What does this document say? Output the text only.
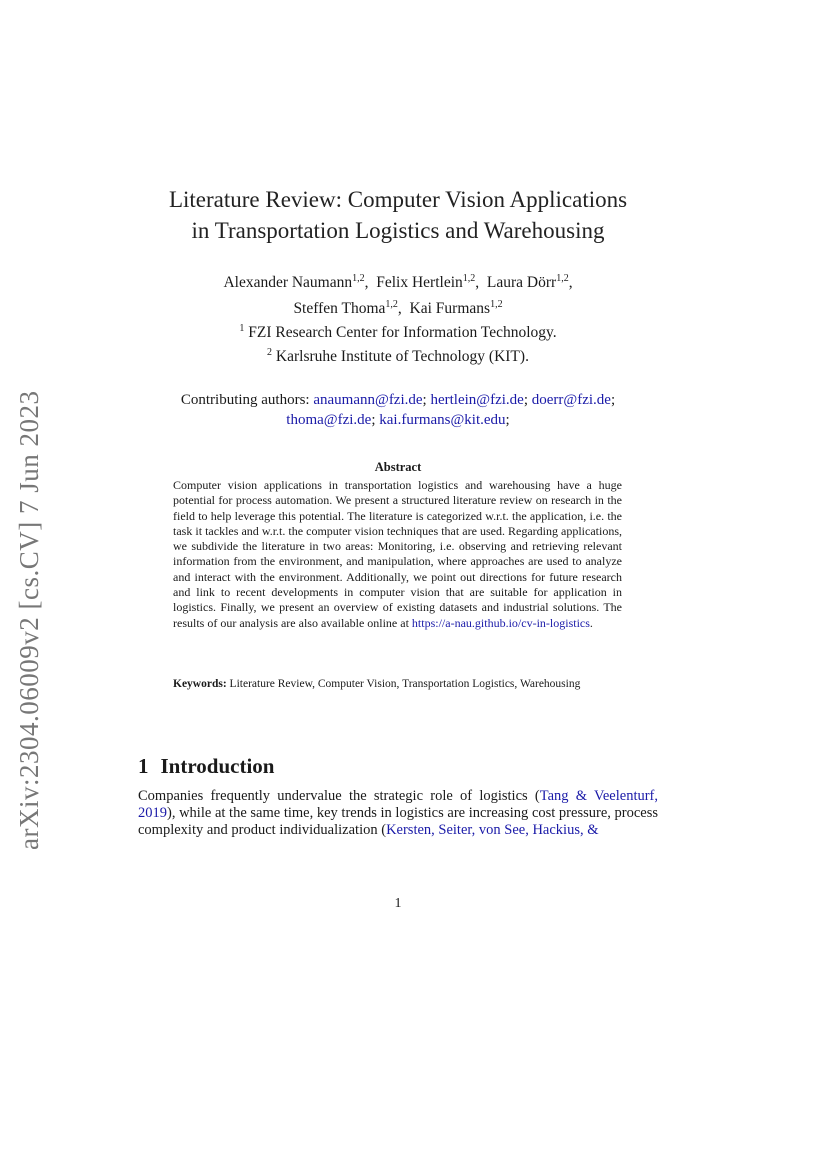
arXiv:2304.06009v2 [cs.CV] 7 Jun 2023
Literature Review: Computer Vision Applications
in Transportation Logistics and Warehousing
Alexander Naumann$^{1,2}$,  Felix Hertlein$^{1,2}$,  Laura Dörr$^{1,2}$,
Steffen Thoma$^{1,2}$,  Kai Furmans$^{1,2}$
$^1$ FZI Research Center for Information Technology.
$^2$ Karlsruhe Institute of Technology (KIT).
Contributing authors: anaumann@fzi.de; hertlein@fzi.de; doerr@fzi.de;
thoma@fzi.de; kai.furmans@kit.edu;
Abstract
Computer vision applications in transportation logistics and warehousing have a huge potential for process automation. We present a structured literature review on research in the field to help leverage this potential. The literature is categorized w.r.t. the application, i.e. the task it tackles and w.r.t. the computer vision techniques that are used. Regarding applications, we subdivide the literature in two areas: Monitoring, i.e. observing and retrieving relevant information from the environment, and manipulation, where approaches are used to analyze and interact with the environment. Additionally, we point out directions for future research and link to recent developments in computer vision that are suitable for application in logistics. Finally, we present an overview of existing datasets and industrial solutions. The results of our analysis are also available online at https://a-nau.github.io/cv-in-logistics.
Keywords: Literature Review, Computer Vision, Transportation Logistics, Warehousing
1 Introduction
Companies frequently undervalue the strategic role of logistics (Tang & Veelenturf, 2019), while at the same time, key trends in logistics are increasing cost pressure, process complexity and product individualization (Kersten, Seiter, von See, Hackius, &
1
